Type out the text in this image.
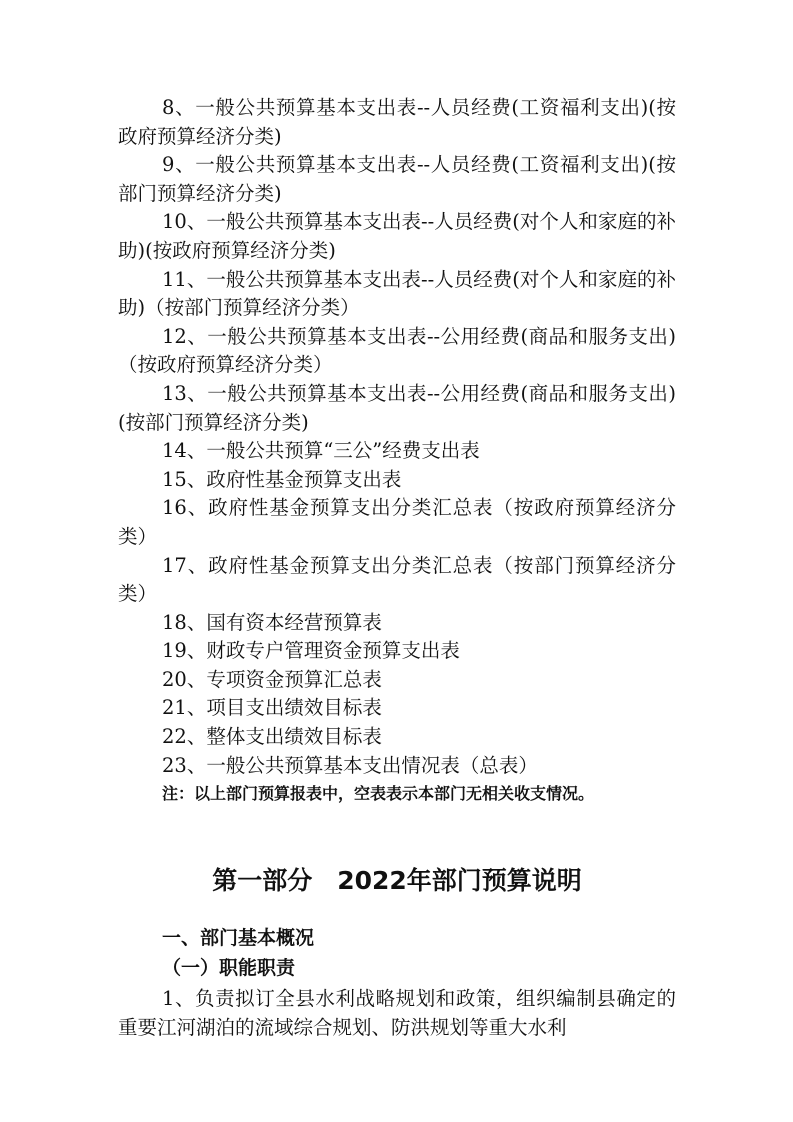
8、一般公共预算基本支出表--人员经费(工资福利支出)(按政府预算经济分类)

9、一般公共预算基本支出表--人员经费(工资福利支出)(按部门预算经济分类)

10、一般公共预算基本支出表--人员经费(对个人和家庭的补助)(按政府预算经济分类)

11、一般公共预算基本支出表--人员经费(对个人和家庭的补助)（按部门预算经济分类）

12、一般公共预算基本支出表--公用经费(商品和服务支出)（按政府预算经济分类）

13、一般公共预算基本支出表--公用经费(商品和服务支出)(按部门预算经济分类)

14、一般公共预算“三公”经费支出表

15、政府性基金预算支出表

16、政府性基金预算支出分类汇总表（按政府预算经济分类）

17、政府性基金预算支出分类汇总表（按部门预算经济分类）

18、国有资本经营预算表

19、财政专户管理资金预算支出表

20、专项资金预算汇总表

21、项目支出绩效目标表

22、整体支出绩效目标表

23、一般公共预算基本支出情况表（总表）

注：以上部门预算报表中，空表表示本部门无相关收支情况。

第一部分　2022年部门预算说明
一、部门基本概况
（一）职能职责

1、负责拟订全县水利战略规划和政策，组织编制县确定的重要江河湖泊的流域综合规划、防洪规划等重大水利
